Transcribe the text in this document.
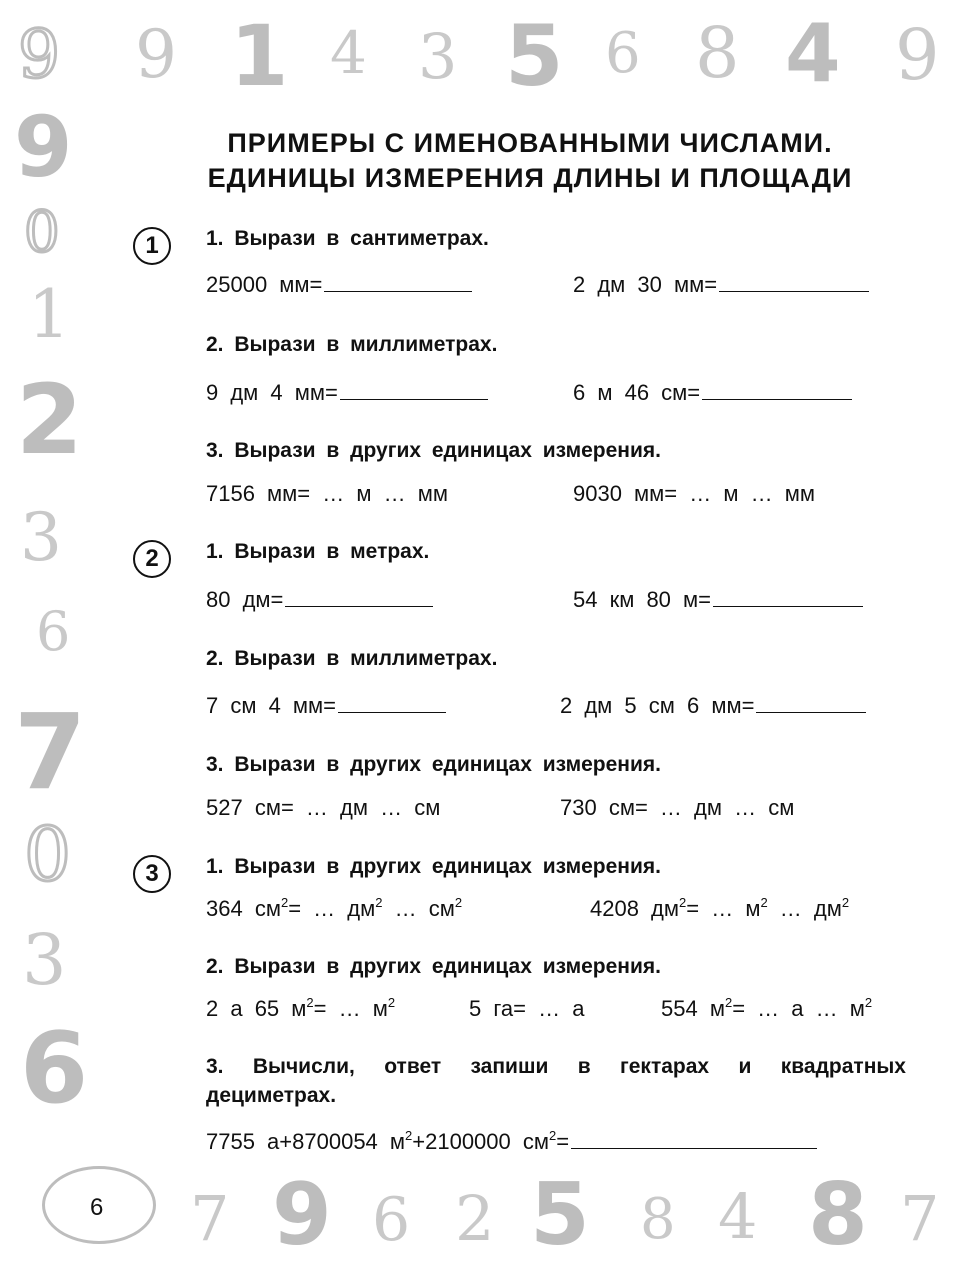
9 9 1 4 3 5 6 8 4 9
9
0
1
2
3
6
7
0
3
6
7 9 6 2 5 8 4 8 7
ПРИМЕРЫ С ИМЕНОВАННЫМИ ЧИСЛАМИ.
ЕДИНИЦЫ ИЗМЕРЕНИЯ ДЛИНЫ И ПЛОЩАДИ
1	1. Вырази в сантиметрах.
25000 мм=	2 дм 30 мм=
2. Вырази в миллиметрах.
9 дм 4 мм=	6 м 46 см=
3. Вырази в других единицах измерения.
7156 мм= … м … мм	9030 мм= … м … мм
2	1. Вырази в метрах.
80 дм=	54 км 80 м=
2. Вырази в миллиметрах.
7 см 4 мм=	2 дм 5 см 6 мм=
3. Вырази в других единицах измерения.
527 см= … дм … см	730 см= … дм … см
3	1. Вырази в других единицах измерения.
364 $см^2=$ … $дм^2$ … $см^2$	4208 $дм^2=$ … $м^2$ … $дм^2$
2. Вырази в других единицах измерения.
2 а 65 $м^2=$ … $м^2$	5 га= … а	554 $м^2=$ … а … $м^2$
3. Вычисли, ответ запиши в гектарах и квадратных дециметрах.
7755 а+8700054 $м^2+2100000$ $см^2=$
6
